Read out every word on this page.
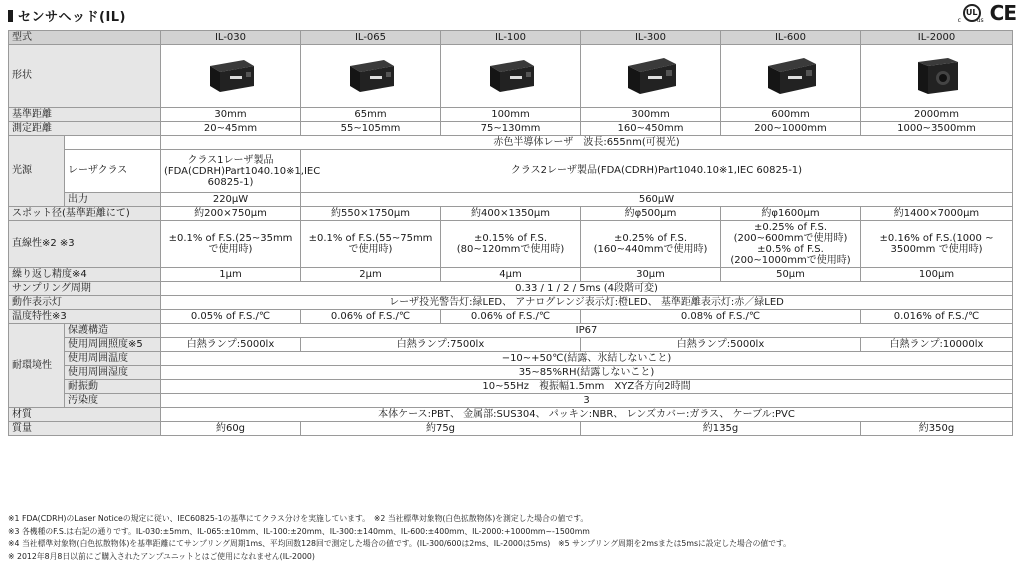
センサヘッド(IL)	c
UL
us CE
型式		IL-030	IL-065	IL-100	IL-300	IL-600	IL-2000
形状						
基準距離		30mm	65mm	100mm	300mm	600mm	2000mm
測定距離		20~45mm	55~105mm	75~130mm	160~450mm	200~1000mm	1000~3500mm
光源		赤色半導体レーザ　波長:655nm(可視光)					
	レーザクラス	クラス1レーザ製品(FDA(CDRH)Part1040.10※1,IEC 60825-1)	クラス2レーザ製品(FDA(CDRH)Part1040.10※1,IEC 60825-1)				
	出力	220μW	560μW				
スポット径(基準距離にて)		約200×750μm	約550×1750μm	約400×1350μm	約φ500μm	約φ1600μm	約1400×7000μm
直線性※2 ※3		±0.1% of F.S.(25~35mmで使用時)	±0.1% of F.S.(55~75mmで使用時)	±0.15% of F.S.(80~120mmで使用時)	±0.25% of F.S.(160~440mmで使用時)	±0.25% of F.S.(200~600mmで使用時)±0.5% of F.S.(200~1000mmで使用時)	±0.16% of F.S.(1000 ~ 3500mm で使用時)
繰り返し精度※4		1μm	2μm	4μm	30μm	50μm	100μm
サンプリング周期		0.33 / 1 / 2 / 5ms (4段階可変)					
動作表示灯		レーザ投光警告灯:緑LED、 アナログレンジ表示灯:橙LED、 基準距離表示灯:赤／緑LED					
温度特性※3		0.05% of F.S./℃	0.06% of F.S./℃	0.06% of F.S./℃	0.08% of F.S./℃		0.016% of F.S./℃
耐環境性	保護構造	IP67					
	使用周囲照度※5	白熱ランプ:5000lx	白熱ランプ:7500lx		白熱ランプ:5000lx		白熱ランプ:10000lx
	使用周囲温度	−10~+50℃(結露、氷結しないこと)					
	使用周囲湿度	35~85%RH(結露しないこと)					
	耐振動	10~55Hz　複振幅1.5mm　XYZ各方向2時間					
	汚染度	3					
材質		本体ケース:PBT、 金属部:SUS304、 パッキン:NBR、 レンズカバー:ガラス、 ケーブル:PVC					
質量		約60g	約75g		約135g		約350g
※1 FDA(CDRH)のLaser Noticeの規定に従い、IEC60825-1の基準にてクラス分けを実施しています。　※2 当社標準対象物(白色拡散物体)を測定した場合の値です。
※3 各機種のF.S.は右記の通りです。IL-030:±5mm、IL-065:±10mm、IL-100:±20mm、IL-300:±140mm、IL-600:±400mm、IL-2000:+1000mm~-1500mm
※4 当社標準対象物(白色拡散物体)を基準距離にてサンプリング周期1ms、平均回数128回で測定した場合の値です。(IL-300/600は2ms、IL-2000は5ms)　※5 サンプリング周期を2msまたは5msに設定した場合の値です。
※ 2012年8月8日以前にご購入されたアンプユニットとはご使用になれません(IL-2000)
